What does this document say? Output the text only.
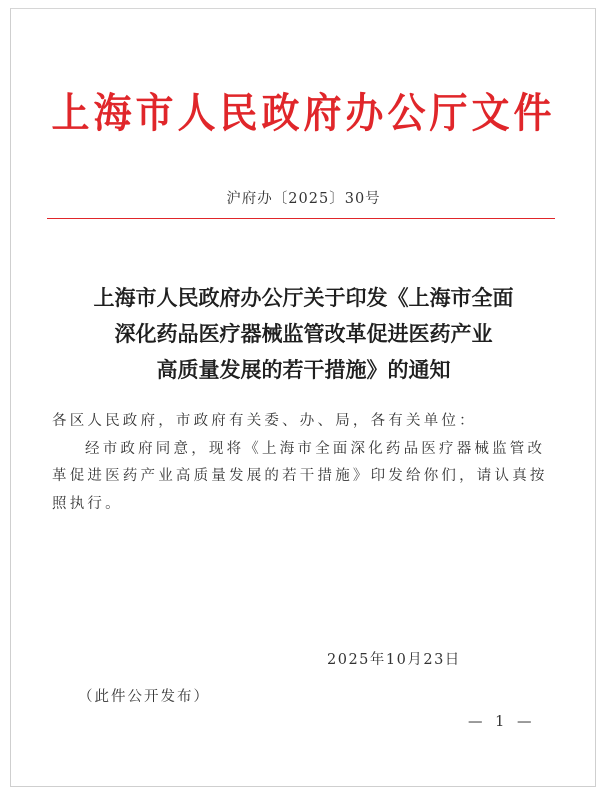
上海市人民政府办公厅文件
沪府办〔2025〕30号
上海市人民政府办公厅关于印发《上海市全面
深化药品医疗器械监管改革促进医药产业
高质量发展的若干措施》的通知

各区人民政府，市政府有关委、办、局，各有关单位：

经市政府同意，现将《上海市全面深化药品医疗器械监管改革促进医药产业高质量发展的若干措施》印发给你们，请认真按照执行。

2025年10月23日
（此件公开发布）
— 1 —
